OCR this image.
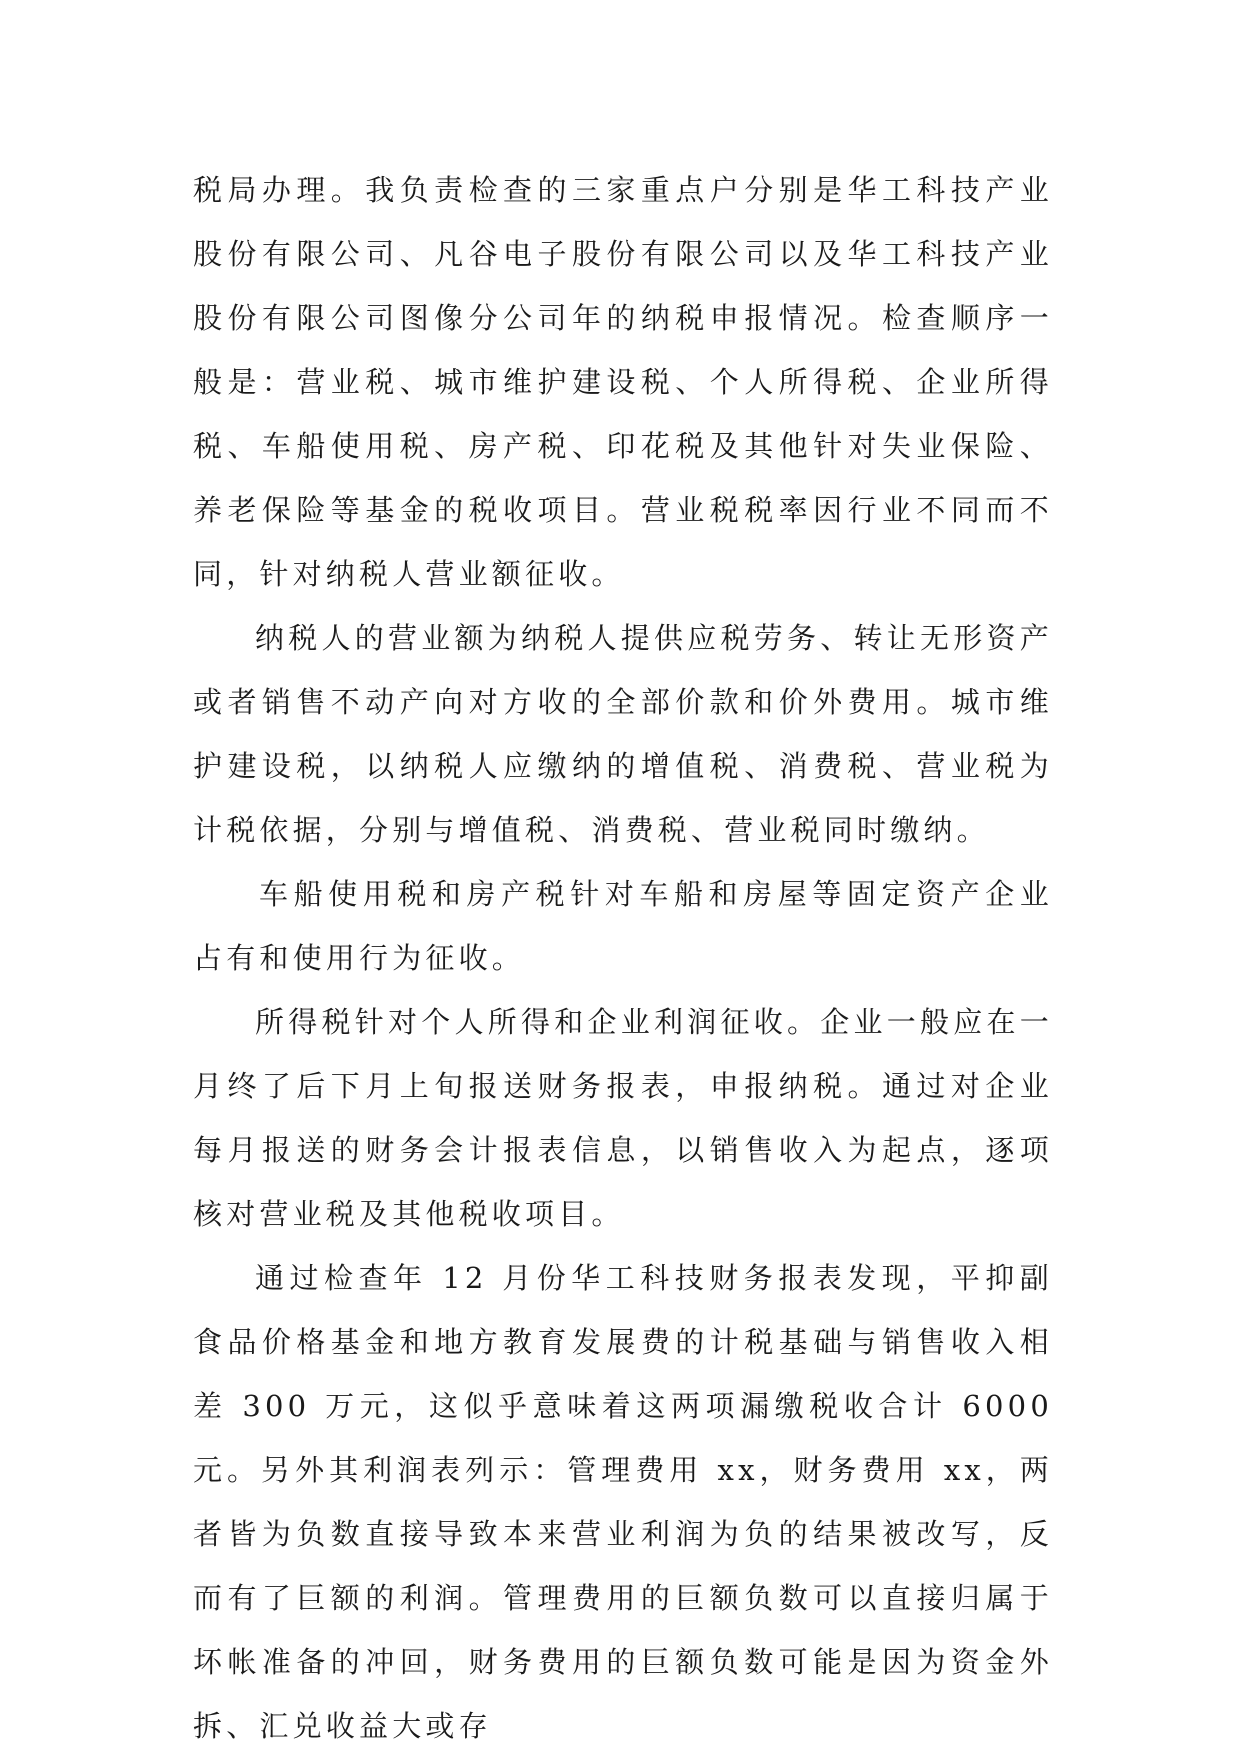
税局办理。我负责检查的三家重点户分别是华工科技产业股份有限公司、凡谷电子股份有限公司以及华工科技产业股份有限公司图像分公司年的纳税申报情况。检查顺序一般是：营业税、城市维护建设税、个人所得税、企业所得税、车船使用税、房产税、印花税及其他针对失业保险、养老保险等基金的税收项目。营业税税率因行业不同而不同，针对纳税人营业额征收。

纳税人的营业额为纳税人提供应税劳务、转让无形资产或者销售不动产向对方收的全部价款和价外费用。城市维护建设税，以纳税人应缴纳的增值税、消费税、营业税为计税依据，分别与增值税、消费税、营业税同时缴纳。

车船使用税和房产税针对车船和房屋等固定资产企业占有和使用行为征收。

所得税针对个人所得和企业利润征收。企业一般应在一月终了后下月上旬报送财务报表，申报纳税。通过对企业每月报送的财务会计报表信息，以销售收入为起点，逐项核对营业税及其他税收项目。

通过检查年 12 月份华工科技财务报表发现，平抑副食品价格基金和地方教育发展费的计税基础与销售收入相差 300 万元，这似乎意味着这两项漏缴税收合计 6000 元。另外其利润表列示：管理费用 xx，财务费用 xx，两者皆为负数直接导致本来营业利润为负的结果被改写，反而有了巨额的利润。管理费用的巨额负数可以直接归属于坏帐准备的冲回，财务费用的巨额负数可能是因为资金外拆、汇兑收益大或存
